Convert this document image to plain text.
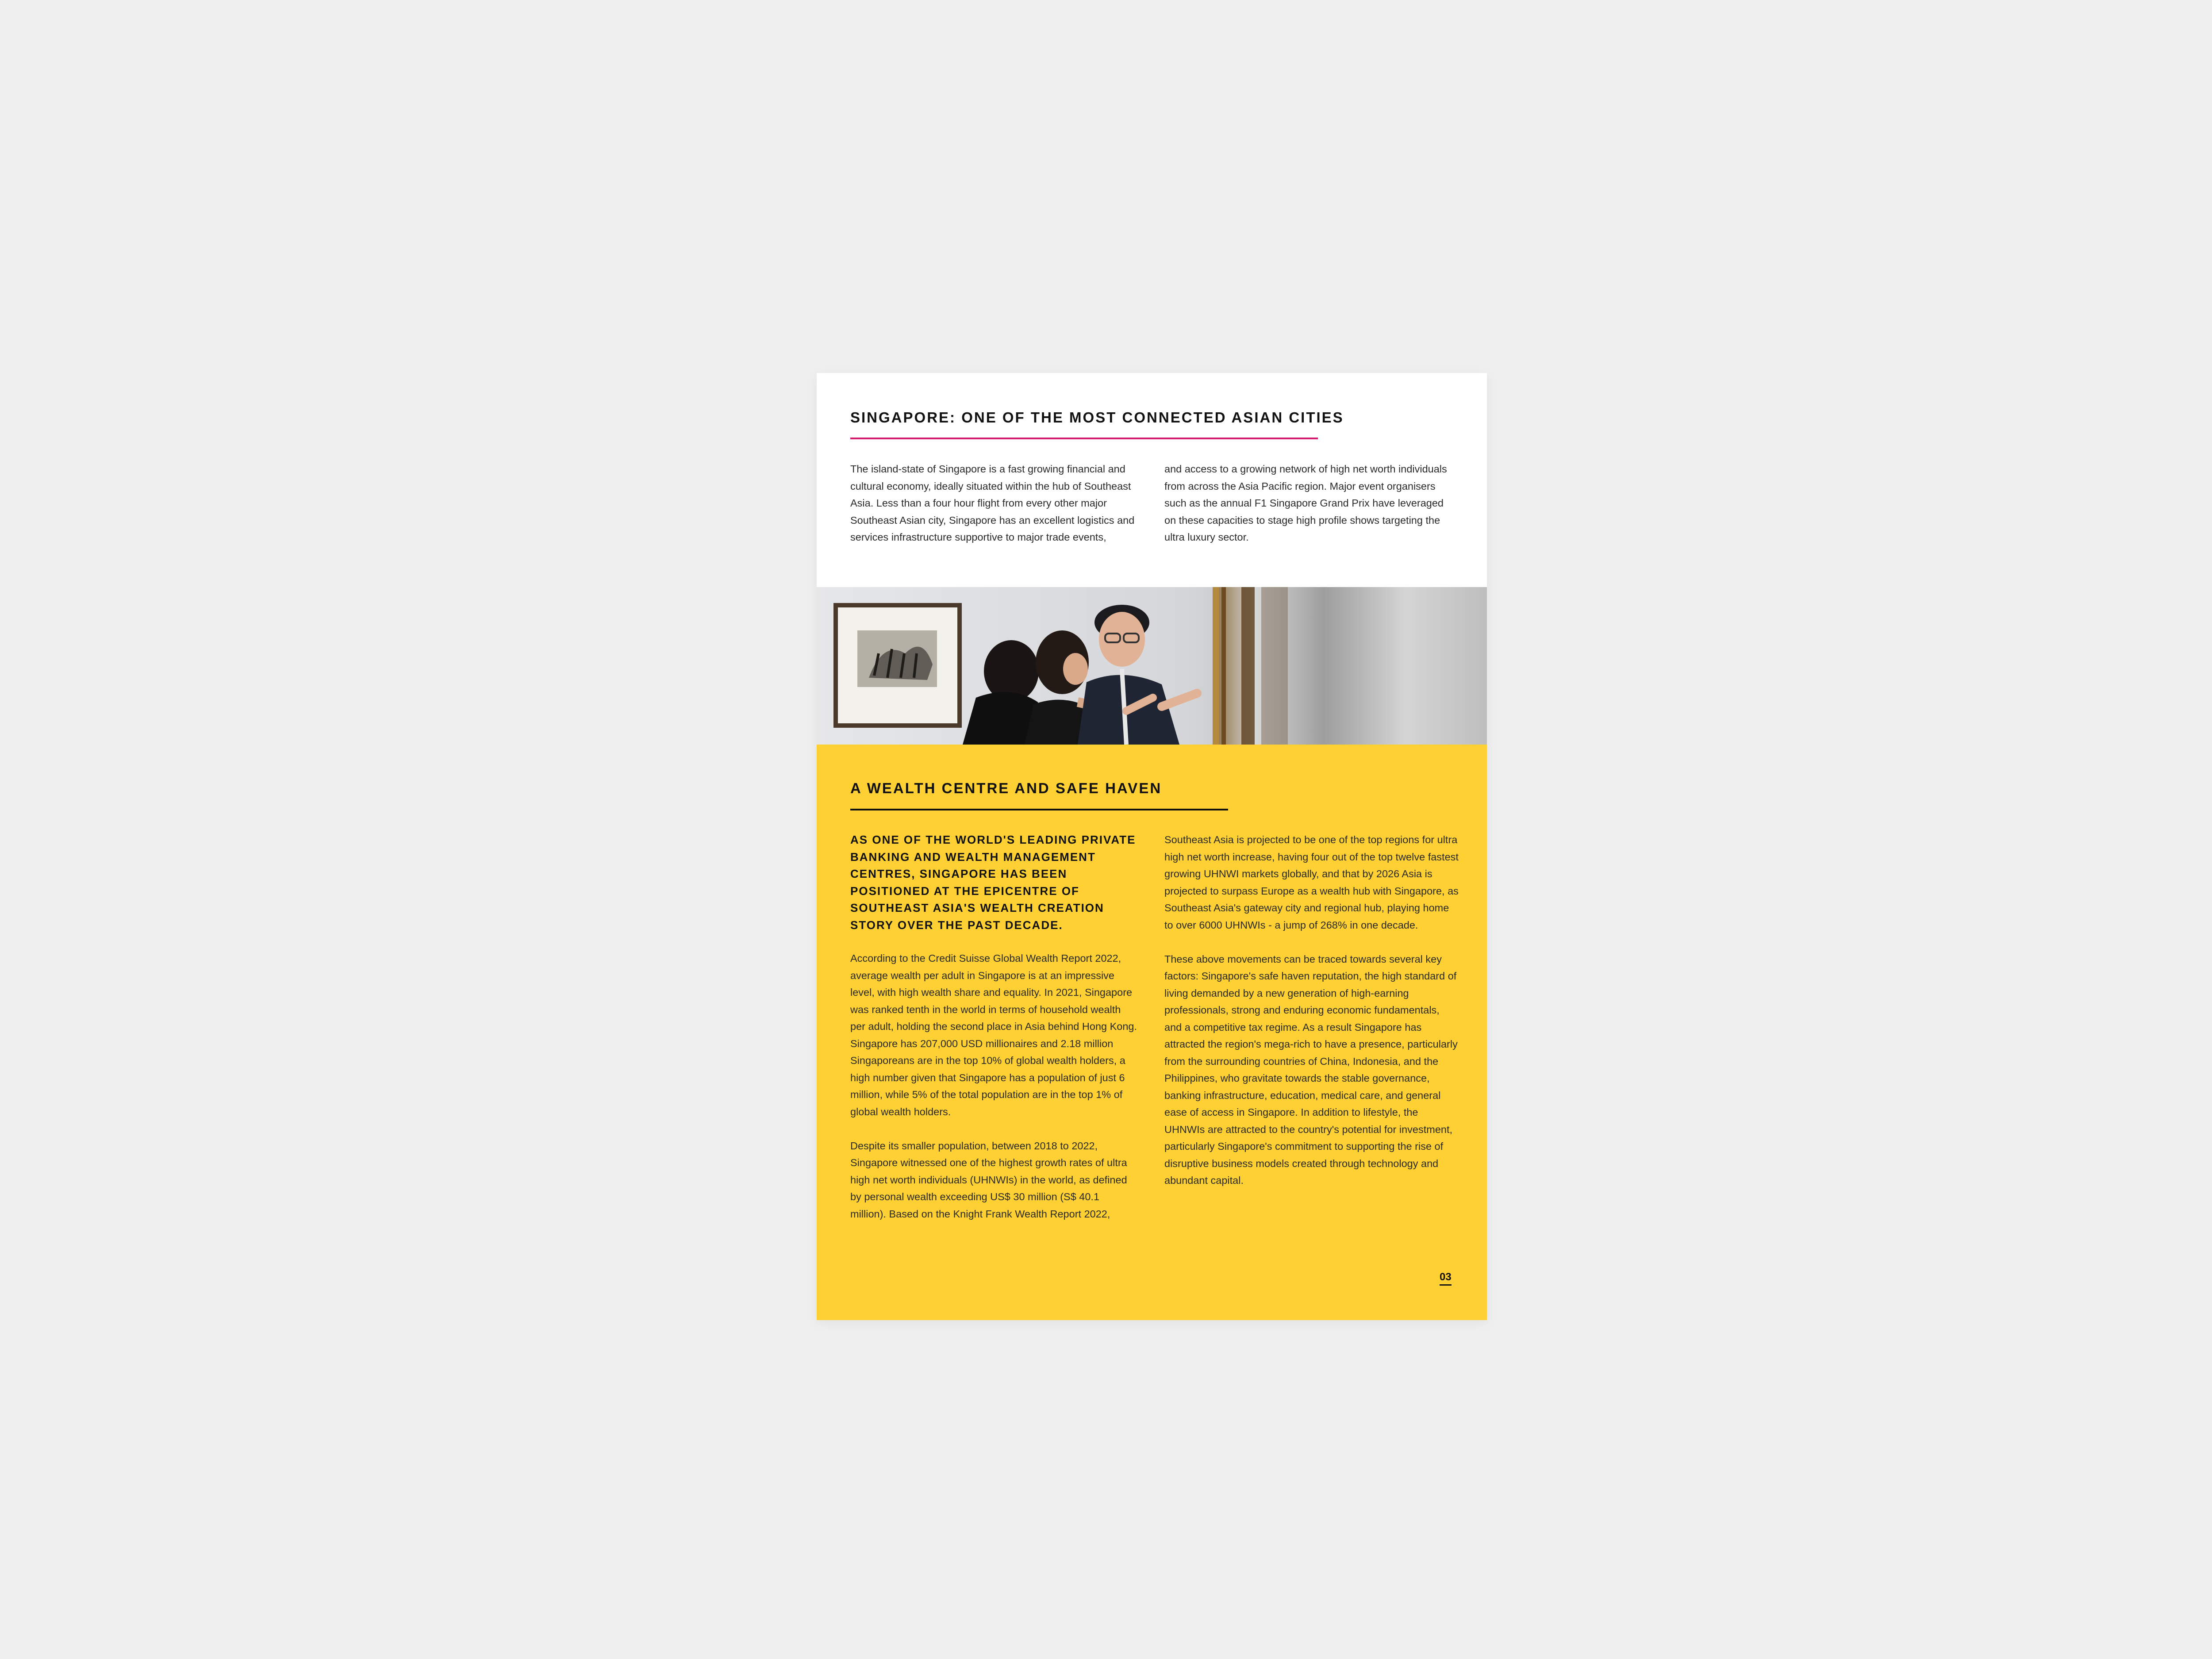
SINGAPORE: ONE OF THE MOST CONNECTED ASIAN CITIES

The island-state of Singapore is a fast growing financial and cultural economy, ideally situated within the hub of Southeast Asia. Less than a four hour flight from every other major Southeast Asian city, Singapore has an excellent logistics and services infrastructure supportive to major trade events,

and access to a growing network of high net worth individuals from across the Asia Pacific region. Major event organisers such as the annual F1 Singapore Grand Prix have leveraged on these capacities to stage high profile shows targeting the ultra luxury sector.

A WEALTH CENTRE AND SAFE HAVEN
AS ONE OF THE WORLD'S LEADING PRIVATE BANKING AND WEALTH MANAGEMENT CENTRES, SINGAPORE HAS BEEN POSITIONED AT THE EPICENTRE OF SOUTHEAST ASIA'S WEALTH CREATION STORY OVER THE PAST DECADE.

According to the Credit Suisse Global Wealth Report 2022, average wealth per adult in Singapore is at an impressive level, with high wealth share and equality. In 2021, Singapore was ranked tenth in the world in terms of household wealth per adult, holding the second place in Asia behind Hong Kong. Singapore has 207,000 USD millionaires and 2.18 million Singaporeans are in the top 10% of global wealth holders, a high number given that Singapore has a population of just 6 million, while 5% of the total population are in the top 1% of global wealth holders.

Despite its smaller population, between 2018 to 2022, Singapore witnessed one of the highest growth rates of ultra high net worth individuals (UHNWIs) in the world, as defined by personal wealth exceeding US$ 30 million (S$ 40.1 million). Based on the Knight Frank Wealth Report 2022,

Southeast Asia is projected to be one of the top regions for ultra high net worth increase, having four out of the top twelve fastest growing UHNWI markets globally, and that by 2026 Asia is projected to surpass Europe as a wealth hub with Singapore, as Southeast Asia's gateway city and regional hub, playing home to over 6000 UHNWIs - a jump of 268% in one decade.

These above movements can be traced towards several key factors: Singapore's safe haven reputation, the high standard of living demanded by a new generation of high-earning professionals, strong and enduring economic fundamentals, and a competitive tax regime. As a result Singapore has attracted the region's mega-rich to have a presence, particularly from the surrounding countries of China, Indonesia, and the Philippines, who gravitate towards the stable governance, banking infrastructure, education, medical care, and general ease of access in Singapore. In addition to lifestyle, the UHNWIs are attracted to the country's potential for investment, particularly Singapore's commitment to supporting the rise of disruptive business models created through technology and abundant capital.

03
